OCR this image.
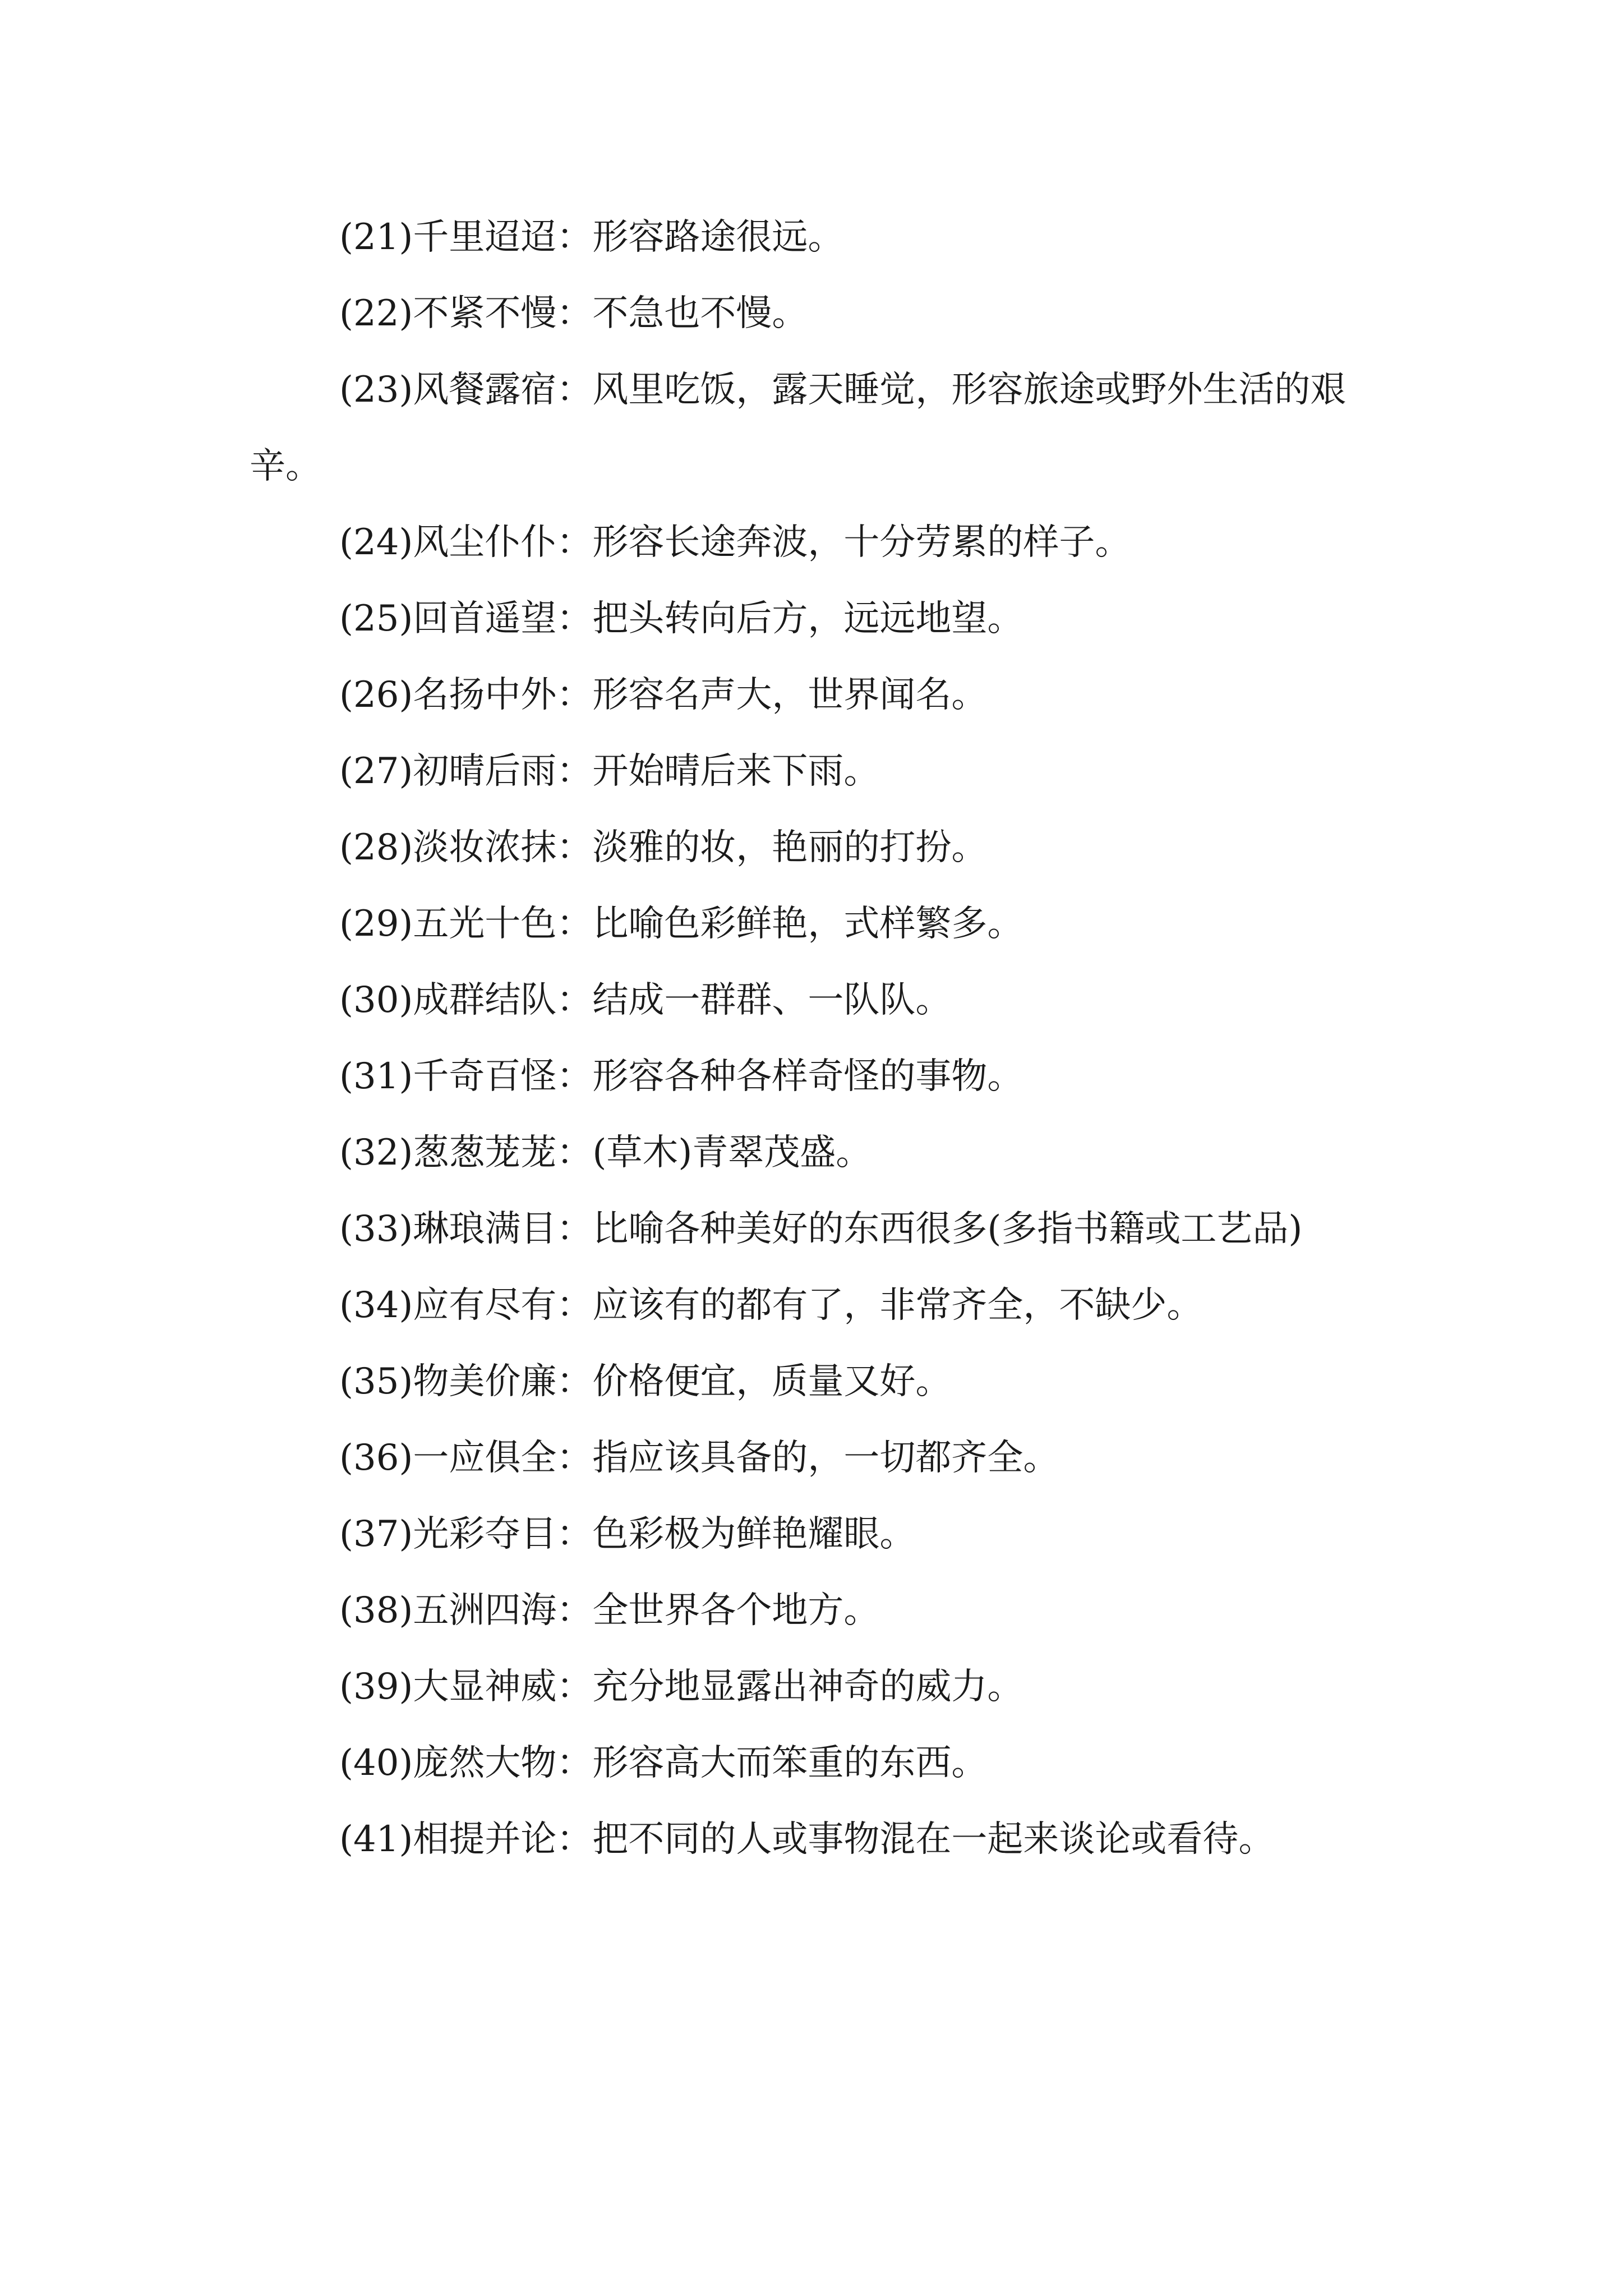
(21)千里迢迢：形容路途很远。

(22)不紧不慢：不急也不慢。

(23)风餐露宿：风里吃饭，露天睡觉，形容旅途或野外生活的艰辛。

(24)风尘仆仆：形容长途奔波，十分劳累的样子。

(25)回首遥望：把头转向后方，远远地望。

(26)名扬中外：形容名声大，世界闻名。

(27)初晴后雨：开始晴后来下雨。

(28)淡妆浓抹：淡雅的妆，艳丽的打扮。

(29)五光十色：比喻色彩鲜艳，式样繁多。

(30)成群结队：结成一群群、一队队。

(31)千奇百怪：形容各种各样奇怪的事物。

(32)葱葱茏茏：(草木)青翠茂盛。

(33)琳琅满目：比喻各种美好的东西很多(多指书籍或工艺品)

(34)应有尽有：应该有的都有了，非常齐全，不缺少。

(35)物美价廉：价格便宜，质量又好。

(36)一应俱全：指应该具备的，一切都齐全。

(37)光彩夺目：色彩极为鲜艳耀眼。

(38)五洲四海：全世界各个地方。

(39)大显神威：充分地显露出神奇的威力。

(40)庞然大物：形容高大而笨重的东西。

(41)相提并论：把不同的人或事物混在一起来谈论或看待。
